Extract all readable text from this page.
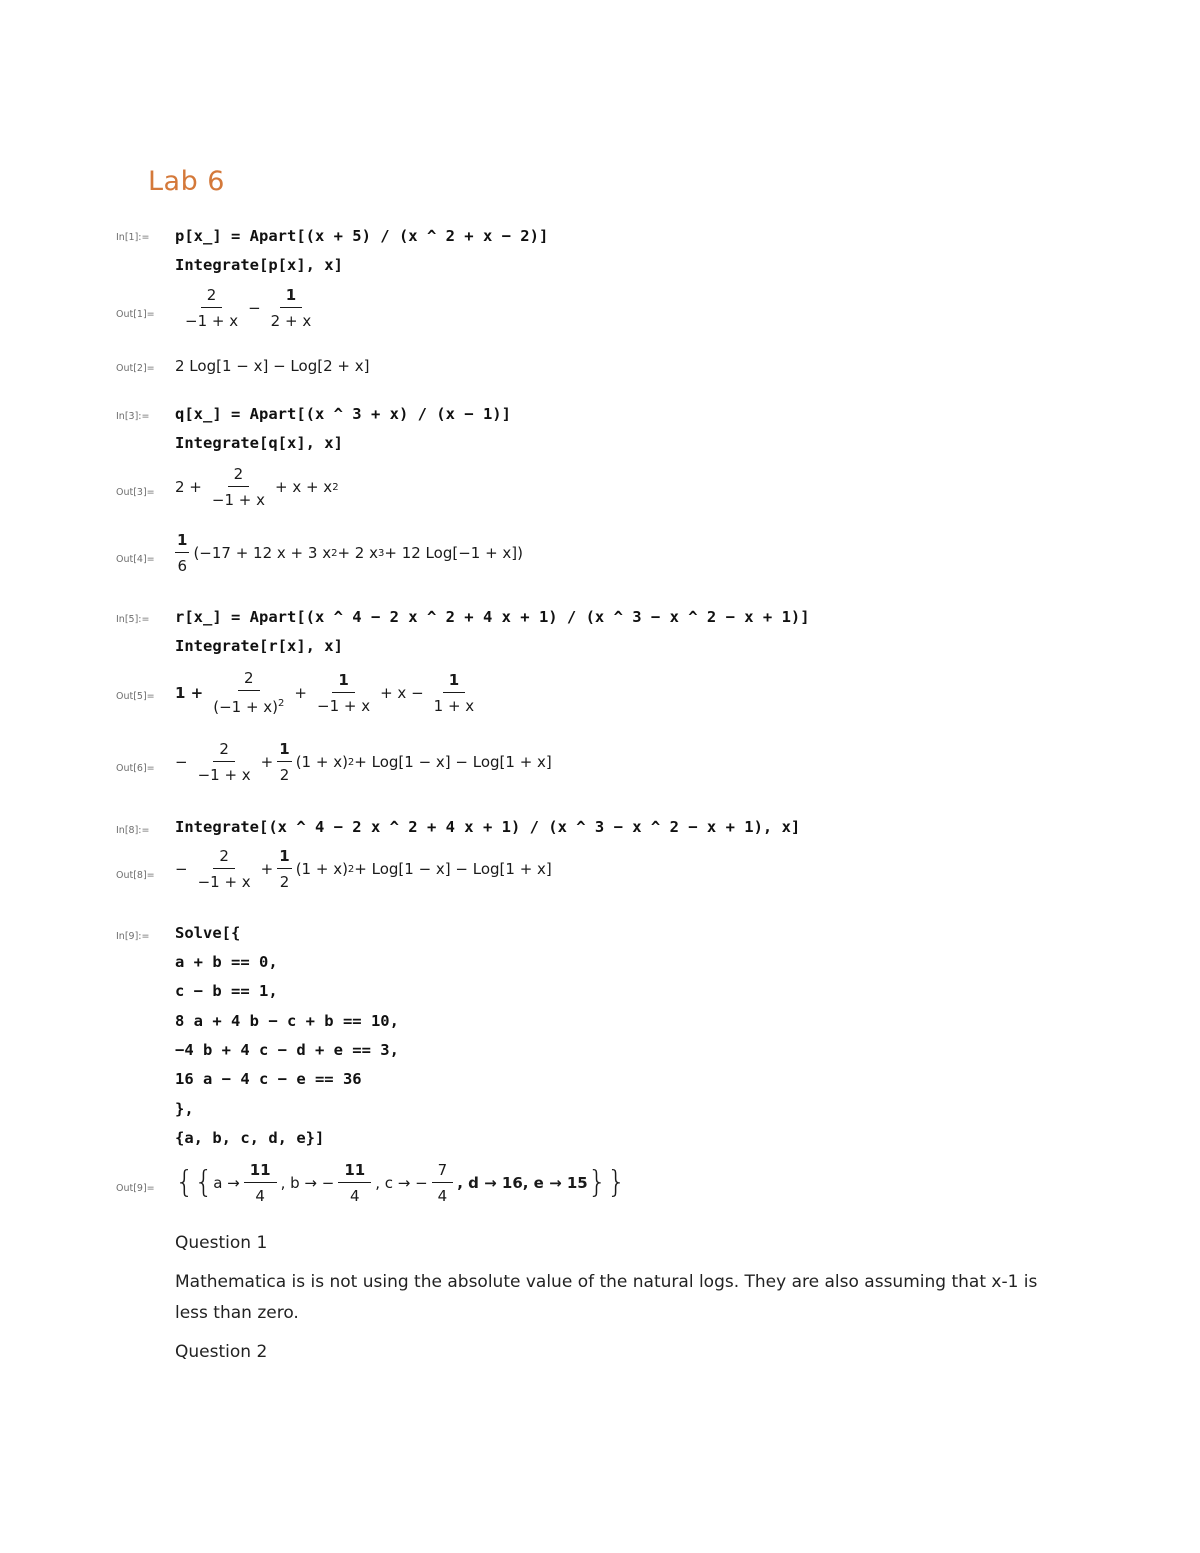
Lab 6
In[1]:= p[x_] = Apart[(x + 5) / (x ^ 2 + x − 2)]
Integrate[p[x], x]
$Out[1]= \frac{2}{-1 + x} - \frac{1}{2 + x}$
Out[2]= 2 Log[1 − x] − Log[2 + x]
In[3]:= q[x_] = Apart[(x ^ 3 + x) / (x − 1)]
Integrate[q[x], x]
$Out[3]= 2 + \frac{2}{-1 + x} + x + x$ 2
$Out[4]= \frac{1}{6} (-17 + 12$ x + 3 x 2 + 2 x 3 + 12 Log[−1 + x])
In[5]:= r[x_] = Apart[(x ^ 4 − 2 x ^ 2 + 4 x + 1) / (x ^ 3 − x ^ 2 − x + 1)]
Integrate[r[x], x]
$Out[5]= 1 + \frac{2}{(-1 + x)^2} + \frac{1}{-1 + x} + x - \frac{1}{1 + x}$
$Out[6]= - \frac{2}{-1 + x} + \frac{1}{2} (1 + x) 2 + Log[1 - x] - Log[1 + x]$
In[8]:= Integrate[(x ^ 4 − 2 x ^ 2 + 4 x + 1) / (x ^ 3 − x ^ 2 − x + 1), x]
$Out[8]= - \frac{2}{-1 + x} + \frac{1}{2} (1 + x) 2 + Log[1 - x] - Log[1 + x]$
In[9]:= Solve[{
a + b == 0,
c − b == 1,
8 a + 4 b − c + b == 10,
−4 b + 4 c − d + e == 3,
16 a − 4 c − e == 36
},
{a, b, c, d, e}]
Out[9]= {{ $a \to \frac{11}{4}$ , b → − $\frac{11}{4}$ , c → − $\frac{7}{4}$ , d → 16, e → 15 }}
Question 1
Mathematica is is not using the absolute value of the natural logs. They are also assuming that x-1 is less than zero.
Question 2
